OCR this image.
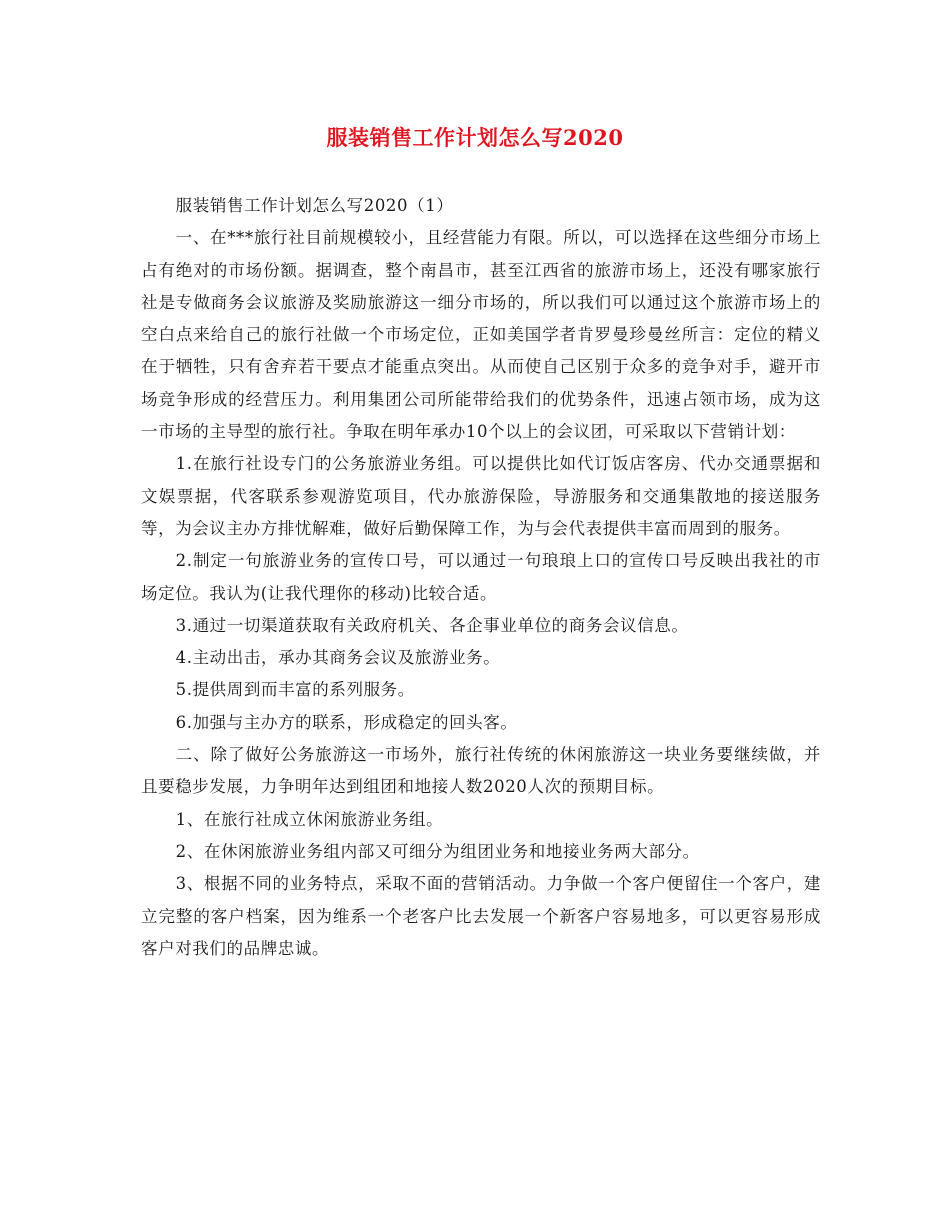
服装销售工作计划怎么写2020

服装销售工作计划怎么写2020（1）

一、在***旅行社目前规模较小，且经营能力有限。所以，可以选择在这些细分市场上占有绝对的市场份额。据调查，整个南昌市，甚至江西省的旅游市场上，还没有哪家旅行社是专做商务会议旅游及奖励旅游这一细分市场的，所以我们可以通过这个旅游市场上的空白点来给自己的旅行社做一个市场定位，正如美国学者肯罗曼珍曼丝所言：定位的精义在于牺牲，只有舍弃若干要点才能重点突出。从而使自己区别于众多的竞争对手，避开市场竞争形成的经营压力。利用集团公司所能带给我们的优势条件，迅速占领市场，成为这一市场的主导型的旅行社。争取在明年承办10个以上的会议团，可采取以下营销计划：

1.在旅行社设专门的公务旅游业务组。可以提供比如代订饭店客房、代办交通票据和文娱票据，代客联系参观游览项目，代办旅游保险，导游服务和交通集散地的接送服务等，为会议主办方排忧解难，做好后勤保障工作，为与会代表提供丰富而周到的服务。

2.制定一句旅游业务的宣传口号，可以通过一句琅琅上口的宣传口号反映出我社的市场定位。我认为(让我代理你的移动)比较合适。

3.通过一切渠道获取有关政府机关、各企事业单位的商务会议信息。

4.主动出击，承办其商务会议及旅游业务。

5.提供周到而丰富的系列服务。

6.加强与主办方的联系，形成稳定的回头客。

二、除了做好公务旅游这一市场外，旅行社传统的休闲旅游这一块业务要继续做，并且要稳步发展，力争明年达到组团和地接人数2020人次的预期目标。

1、在旅行社成立休闲旅游业务组。

2、在休闲旅游业务组内部又可细分为组团业务和地接业务两大部分。

3、根据不同的业务特点，采取不面的营销活动。力争做一个客户便留住一个客户，建立完整的客户档案，因为维系一个老客户比去发展一个新客户容易地多，可以更容易形成客户对我们的品牌忠诚。
